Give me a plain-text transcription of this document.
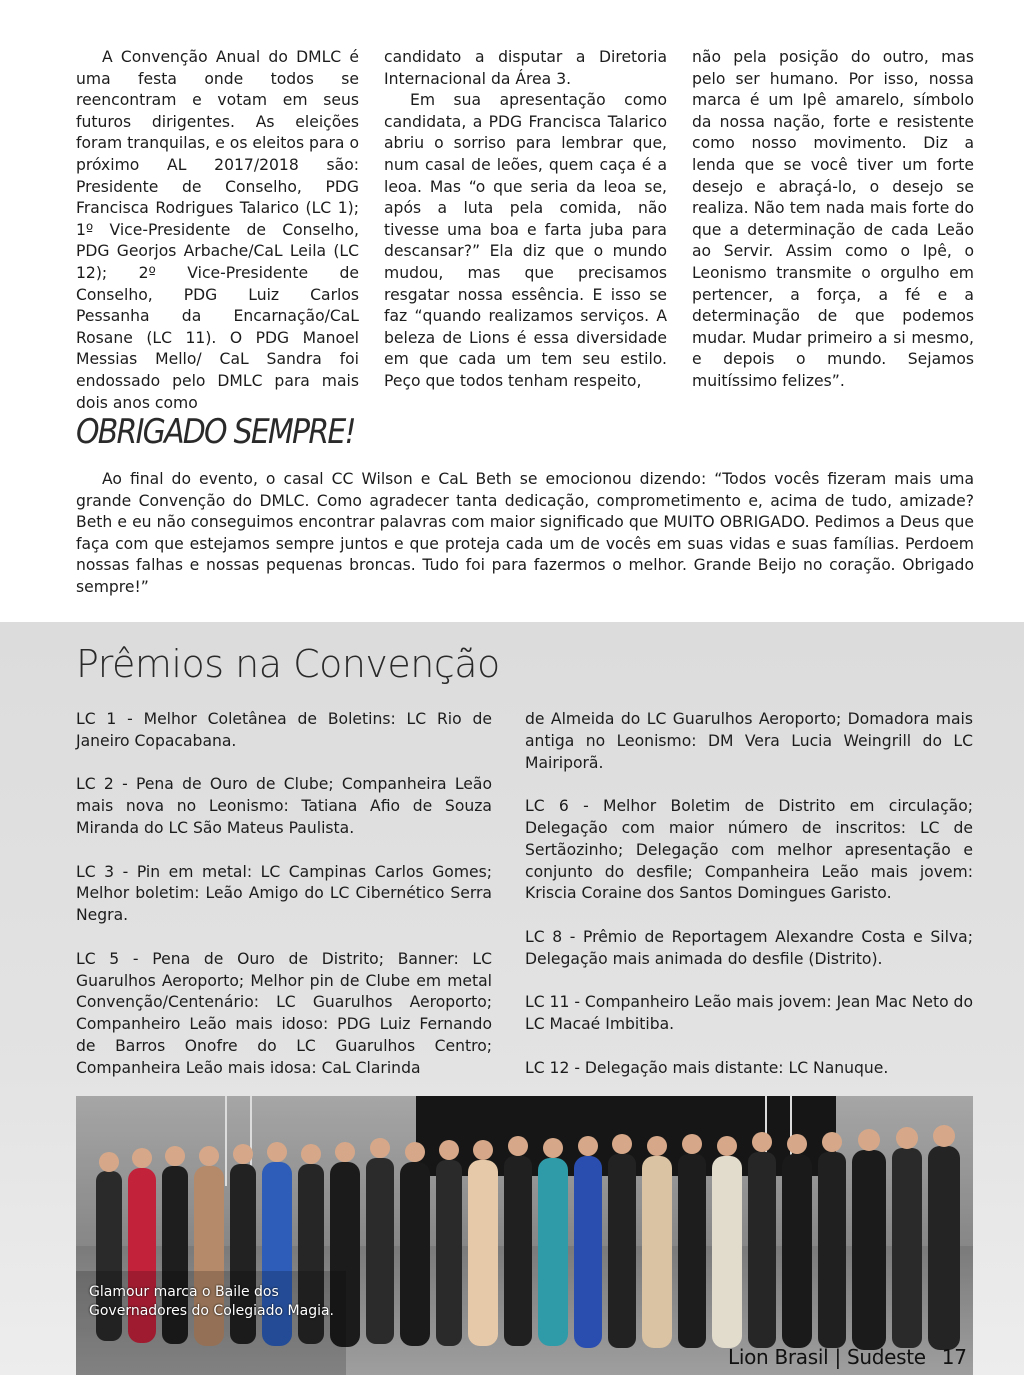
A Convenção Anual do DMLC é uma festa onde todos se reencontram e votam em seus futuros dirigentes. As eleições foram tranquilas, e os eleitos para o próximo AL 2017/2018 são: Presidente de Conselho, PDG Francisca Rodrigues Talarico (LC 1); 1º Vice-Presidente de Conselho, PDG Georjos Arbache/CaL Leila (LC 12); 2º Vice-Presidente de Conselho, PDG Luiz Carlos Pessanha da Encarnação/CaL Rosane (LC 11). O PDG Manoel Messias Mello/ CaL Sandra foi endossado pelo DMLC para mais dois anos como

candidato a disputar a Diretoria Internacional da Área 3.

Em sua apresentação como candidata, a PDG Francisca Talarico abriu o sorriso para lembrar que, num casal de leões, quem caça é a leoa. Mas “o que seria da leoa se, após a luta pela comida, não tivesse uma boa e farta juba para descansar?” Ela diz que o mundo mudou, mas que precisamos resgatar nossa essência. E isso se faz “quando realizamos serviços. A beleza de Lions é essa diversidade em que cada um tem seu estilo. Peço que todos tenham respeito,

não pela posição do outro, mas pelo ser humano. Por isso, nossa marca é um Ipê amarelo, símbolo da nossa nação, forte e resistente como nosso movimento. Diz a lenda que se você tiver um forte desejo e abraçá-lo, o desejo se realiza. Não tem nada mais forte do que a determinação de cada Leão ao Servir. Assim como o Ipê, o Leonismo transmite o orgulho em pertencer, a força, a fé e a determinação de que podemos mudar. Mudar primeiro a si mesmo, e depois o mundo. Sejamos muitíssimo felizes”.

OBRIGADO SEMPRE!

Ao final do evento, o casal CC Wilson e CaL Beth se emocionou dizendo: “Todos vocês fizeram mais uma grande Convenção do DMLC. Como agradecer tanta dedicação, comprometimento e, acima de tudo, amizade? Beth e eu não conseguimos encontrar palavras com maior significado que MUITO OBRIGADO. Pedimos a Deus que faça com que estejamos sempre juntos e que proteja cada um de vocês em suas vidas e suas famílias. Perdoem nossas falhas e nossas pequenas broncas. Tudo foi para fazermos o melhor. Grande Beijo no coração. Obrigado sempre!”

Prêmios na Convenção

LC 1 - Melhor Coletânea de Boletins: LC Rio de Janeiro Copacabana.

LC 2 - Pena de Ouro de Clube; Companheira Leão mais nova no Leonismo: Tatiana Afio de Souza Miranda do LC São Mateus Paulista.

LC 3 - Pin em metal: LC Campinas Carlos Gomes; Melhor boletim: Leão Amigo do LC Cibernético Serra Negra.

LC 5 - Pena de Ouro de Distrito; Banner: LC Guarulhos Aeroporto; Melhor pin de Clube em metal Convenção/Centenário: LC Guarulhos Aeroporto; Companheiro Leão mais idoso: PDG Luiz Fernando de Barros Onofre do LC Guarulhos Centro; Companheira Leão mais idosa: CaL Clarinda

de Almeida do LC Guarulhos Aeroporto; Domadora mais antiga no Leonismo: DM Vera Lucia Weingrill do LC Mairiporã.

LC 6 - Melhor Boletim de Distrito em circulação; Delegação com maior número de inscritos: LC de Sertãozinho; Delegação com melhor apresentação e conjunto do desfile; Companheira Leão mais jovem: Kriscia Coraine dos Santos Domingues Garisto.

LC 8 - Prêmio de Reportagem Alexandre Costa e Silva; Delegação mais animada do desfile (Distrito).

LC 11 - Companheiro Leão mais jovem: Jean Mac Neto do LC Macaé Imbitiba.

LC 12 - Delegação mais distante: LC Nanuque.

Glamour marca o Baile dos
Governadores do Colegiado Magia.
Lion Brasil | Sudeste 17
